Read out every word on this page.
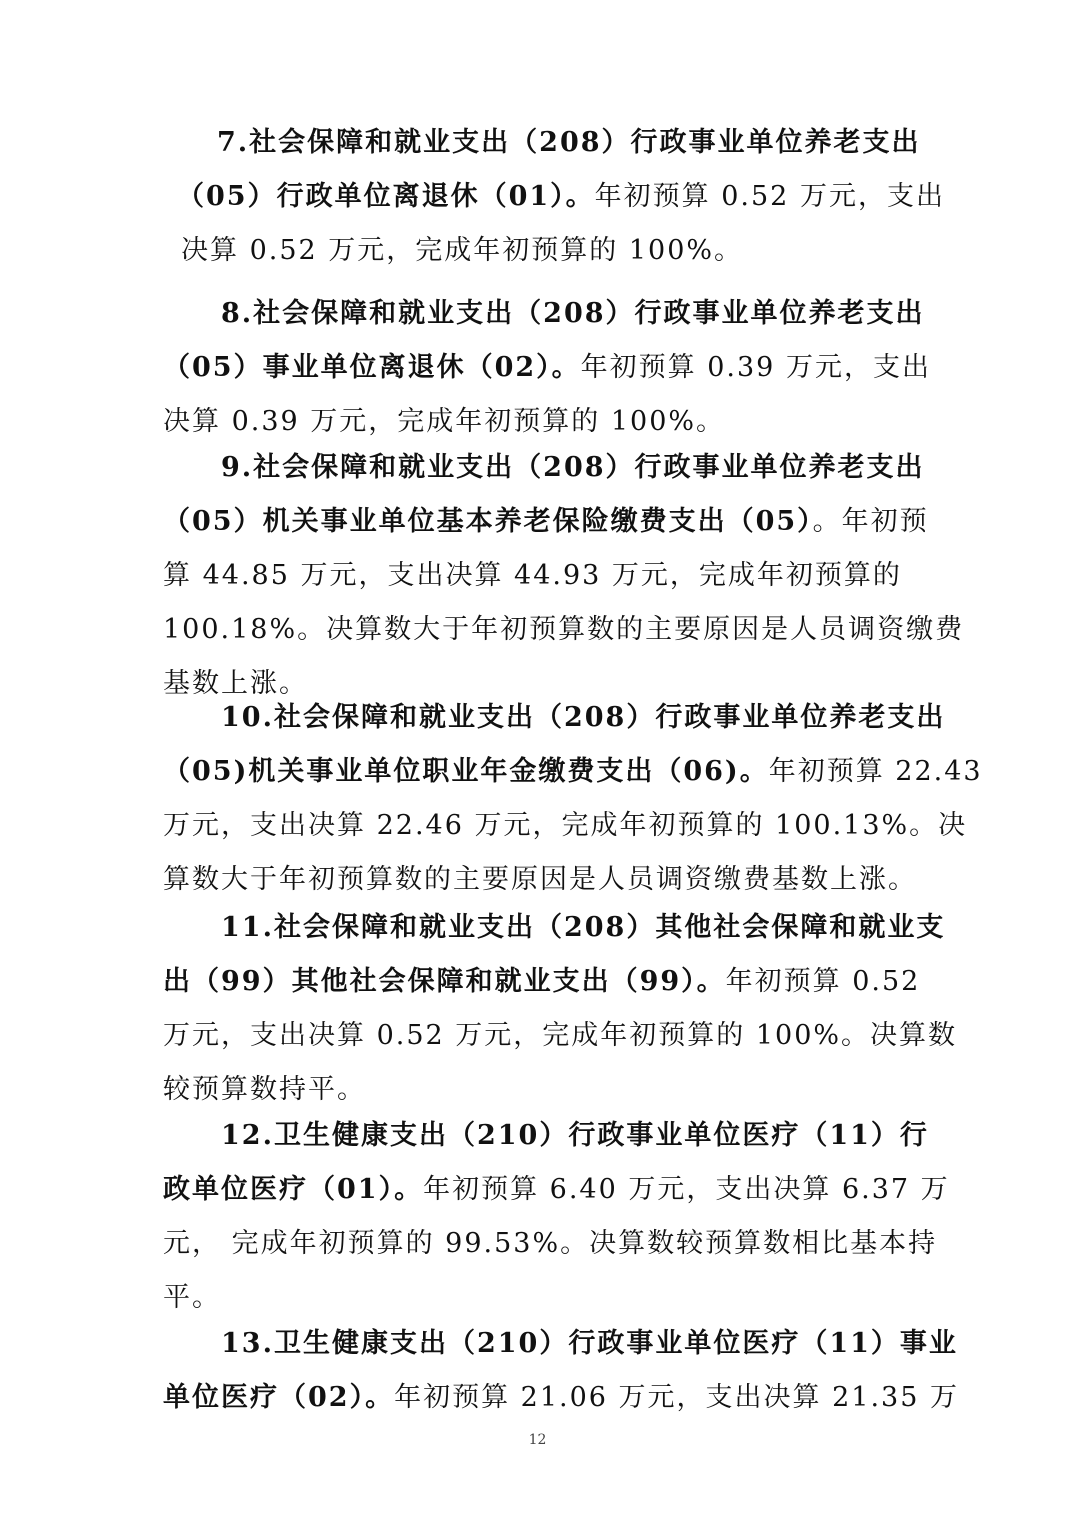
7.社会保障和就业支出（208）行政事业单位养老支出
（05）行政单位离退休（01）。年初预算 0.52 万元，支出
决算 0.52 万元，完成年初预算的 100%。
8.社会保障和就业支出（208）行政事业单位养老支出
（05）事业单位离退休（02）。年初预算 0.39 万元，支出
决算 0.39 万元，完成年初预算的 100%。
9.社会保障和就业支出（208）行政事业单位养老支出
（05）机关事业单位基本养老保险缴费支出（05）。年初预
算 44.85 万元，支出决算 44.93 万元，完成年初预算的
100.18%。决算数大于年初预算数的主要原因是人员调资缴费
基数上涨。
10.社会保障和就业支出（208）行政事业单位养老支出
（05)机关事业单位职业年金缴费支出（06)。年初预算 22.43
万元，支出决算 22.46 万元，完成年初预算的 100.13%。决
算数大于年初预算数的主要原因是人员调资缴费基数上涨。
11.社会保障和就业支出（208）其他社会保障和就业支
出（99）其他社会保障和就业支出（99）。年初预算 0.52
万元，支出决算 0.52 万元，完成年初预算的 100%。决算数
较预算数持平。
12.卫生健康支出（210）行政事业单位医疗（11）行
政单位医疗（01）。年初预算 6.40 万元，支出决算 6.37 万
元， 完成年初预算的 99.53%。决算数较预算数相比基本持
平。
13.卫生健康支出（210）行政事业单位医疗（11）事业
单位医疗（02）。年初预算 21.06 万元，支出决算 21.35 万
12
